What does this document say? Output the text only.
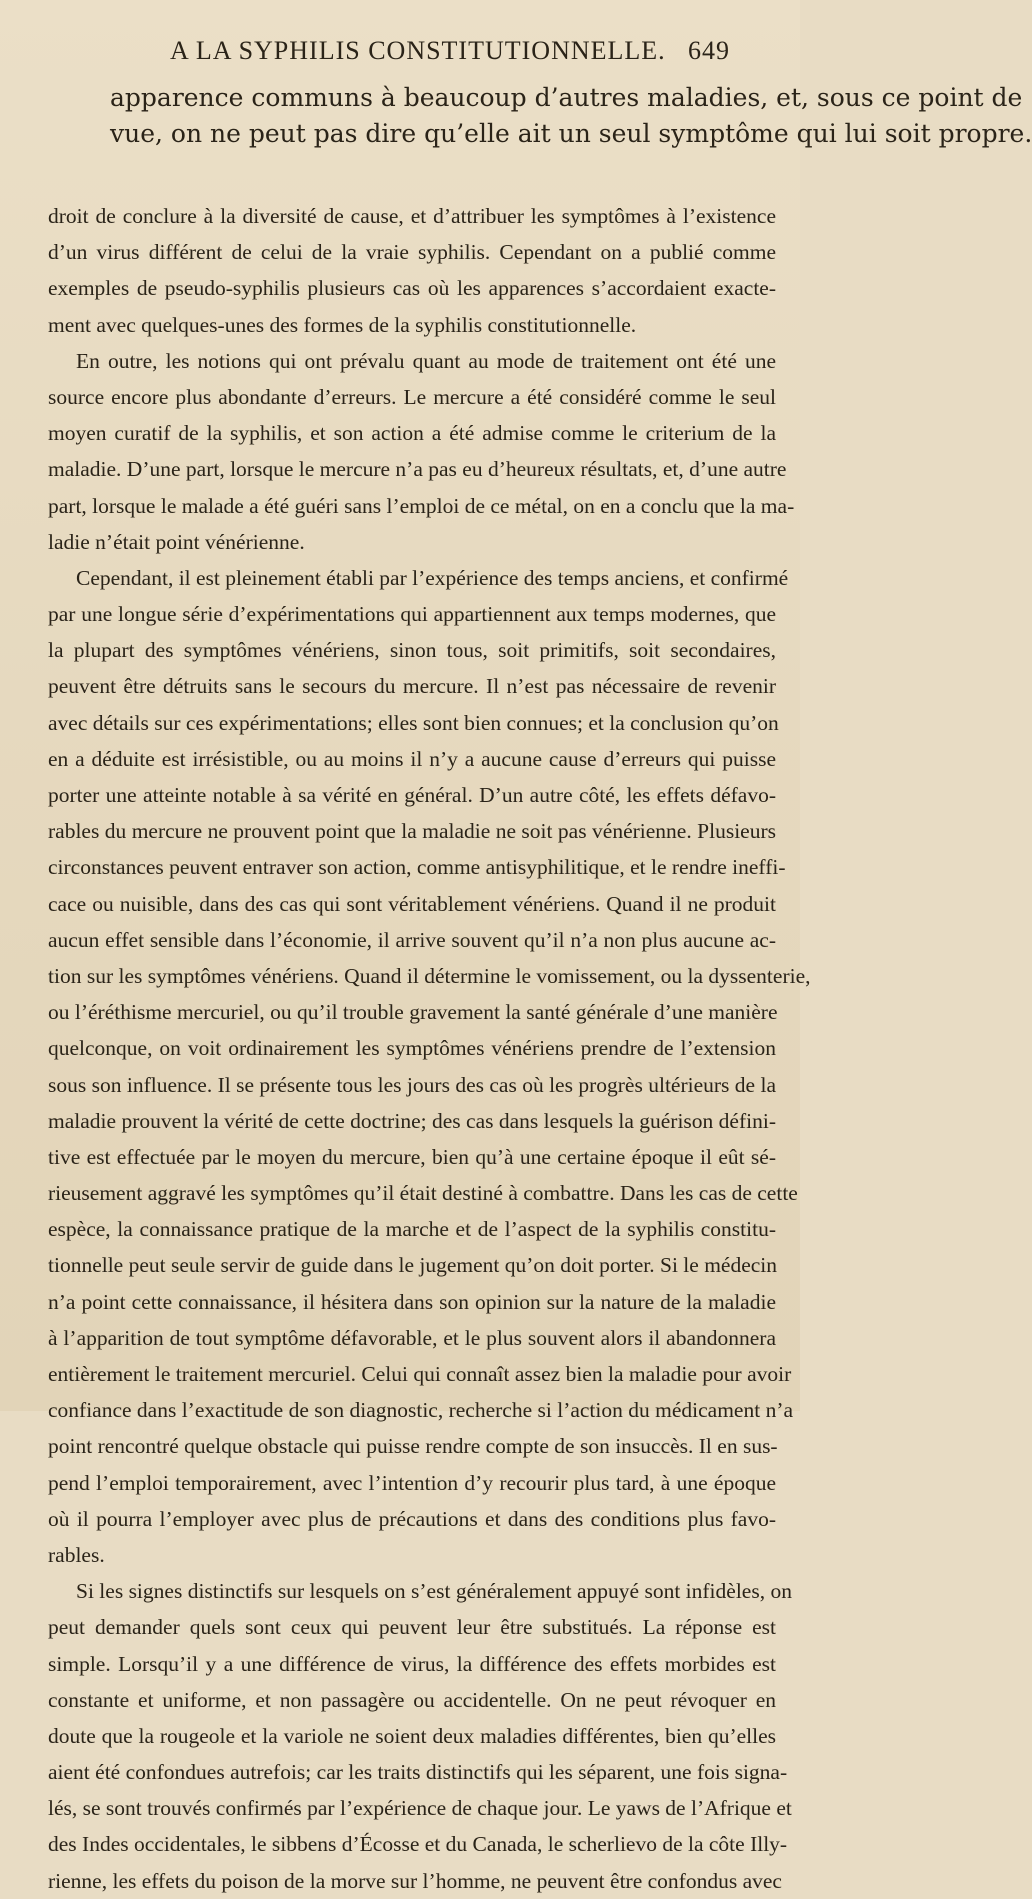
A LA SYPHILIS CONSTITUTIONNELLE. 649
apparence communs à beaucoup d’autres maladies, et, sous ce point de
vue, on ne peut pas dire qu’elle ait un seul symptôme qui lui soit propre.
droit de conclure à la diversité de cause, et d’attribuer les symptômes à l’existence
d’un virus différent de celui de la vraie syphilis. Cependant on a publié comme
exemples de pseudo-syphilis plusieurs cas où les apparences s’accordaient exacte-
ment avec quelques-unes des formes de la syphilis constitutionnelle.
En outre, les notions qui ont prévalu quant au mode de traitement ont été une
source encore plus abondante d’erreurs. Le mercure a été considéré comme le seul
moyen curatif de la syphilis, et son action a été admise comme le criterium de la
maladie. D’une part, lorsque le mercure n’a pas eu d’heureux résultats, et, d’une autre
part, lorsque le malade a été guéri sans l’emploi de ce métal, on en a conclu que la ma-
ladie n’était point vénérienne.
Cependant, il est pleinement établi par l’expérience des temps anciens, et confirmé
par une longue série d’expérimentations qui appartiennent aux temps modernes, que
la plupart des symptômes vénériens, sinon tous, soit primitifs, soit secondaires,
peuvent être détruits sans le secours du mercure. Il n’est pas nécessaire de revenir
avec détails sur ces expérimentations; elles sont bien connues; et la conclusion qu’on
en a déduite est irrésistible, ou au moins il n’y a aucune cause d’erreurs qui puisse
porter une atteinte notable à sa vérité en général. D’un autre côté, les effets défavo-
rables du mercure ne prouvent point que la maladie ne soit pas vénérienne. Plusieurs
circonstances peuvent entraver son action, comme antisyphilitique, et le rendre ineffi-
cace ou nuisible, dans des cas qui sont véritablement vénériens. Quand il ne produit
aucun effet sensible dans l’économie, il arrive souvent qu’il n’a non plus aucune ac-
tion sur les symptômes vénériens. Quand il détermine le vomissement, ou la dyssenterie,
ou l’éréthisme mercuriel, ou qu’il trouble gravement la santé générale d’une manière
quelconque, on voit ordinairement les symptômes vénériens prendre de l’extension
sous son influence. Il se présente tous les jours des cas où les progrès ultérieurs de la
maladie prouvent la vérité de cette doctrine; des cas dans lesquels la guérison défini-
tive est effectuée par le moyen du mercure, bien qu’à une certaine époque il eût sé-
rieusement aggravé les symptômes qu’il était destiné à combattre. Dans les cas de cette
espèce, la connaissance pratique de la marche et de l’aspect de la syphilis constitu-
tionnelle peut seule servir de guide dans le jugement qu’on doit porter. Si le médecin
n’a point cette connaissance, il hésitera dans son opinion sur la nature de la maladie
à l’apparition de tout symptôme défavorable, et le plus souvent alors il abandonnera
entièrement le traitement mercuriel. Celui qui connaît assez bien la maladie pour avoir
confiance dans l’exactitude de son diagnostic, recherche si l’action du médicament n’a
point rencontré quelque obstacle qui puisse rendre compte de son insuccès. Il en sus-
pend l’emploi temporairement, avec l’intention d’y recourir plus tard, à une époque
où il pourra l’employer avec plus de précautions et dans des conditions plus favo-
rables.
Si les signes distinctifs sur lesquels on s’est généralement appuyé sont infidèles, on
peut demander quels sont ceux qui peuvent leur être substitués. La réponse est
simple. Lorsqu’il y a une différence de virus, la différence des effets morbides est
constante et uniforme, et non passagère ou accidentelle. On ne peut révoquer en
doute que la rougeole et la variole ne soient deux maladies différentes, bien qu’elles
aient été confondues autrefois; car les traits distinctifs qui les séparent, une fois signa-
lés, se sont trouvés confirmés par l’expérience de chaque jour. Le yaws de l’Afrique et
des Indes occidentales, le sibbens d’Écosse et du Canada, le scherlievo de la côte Illy-
rienne, les effets du poison de la morve sur l’homme, ne peuvent être confondus avec
